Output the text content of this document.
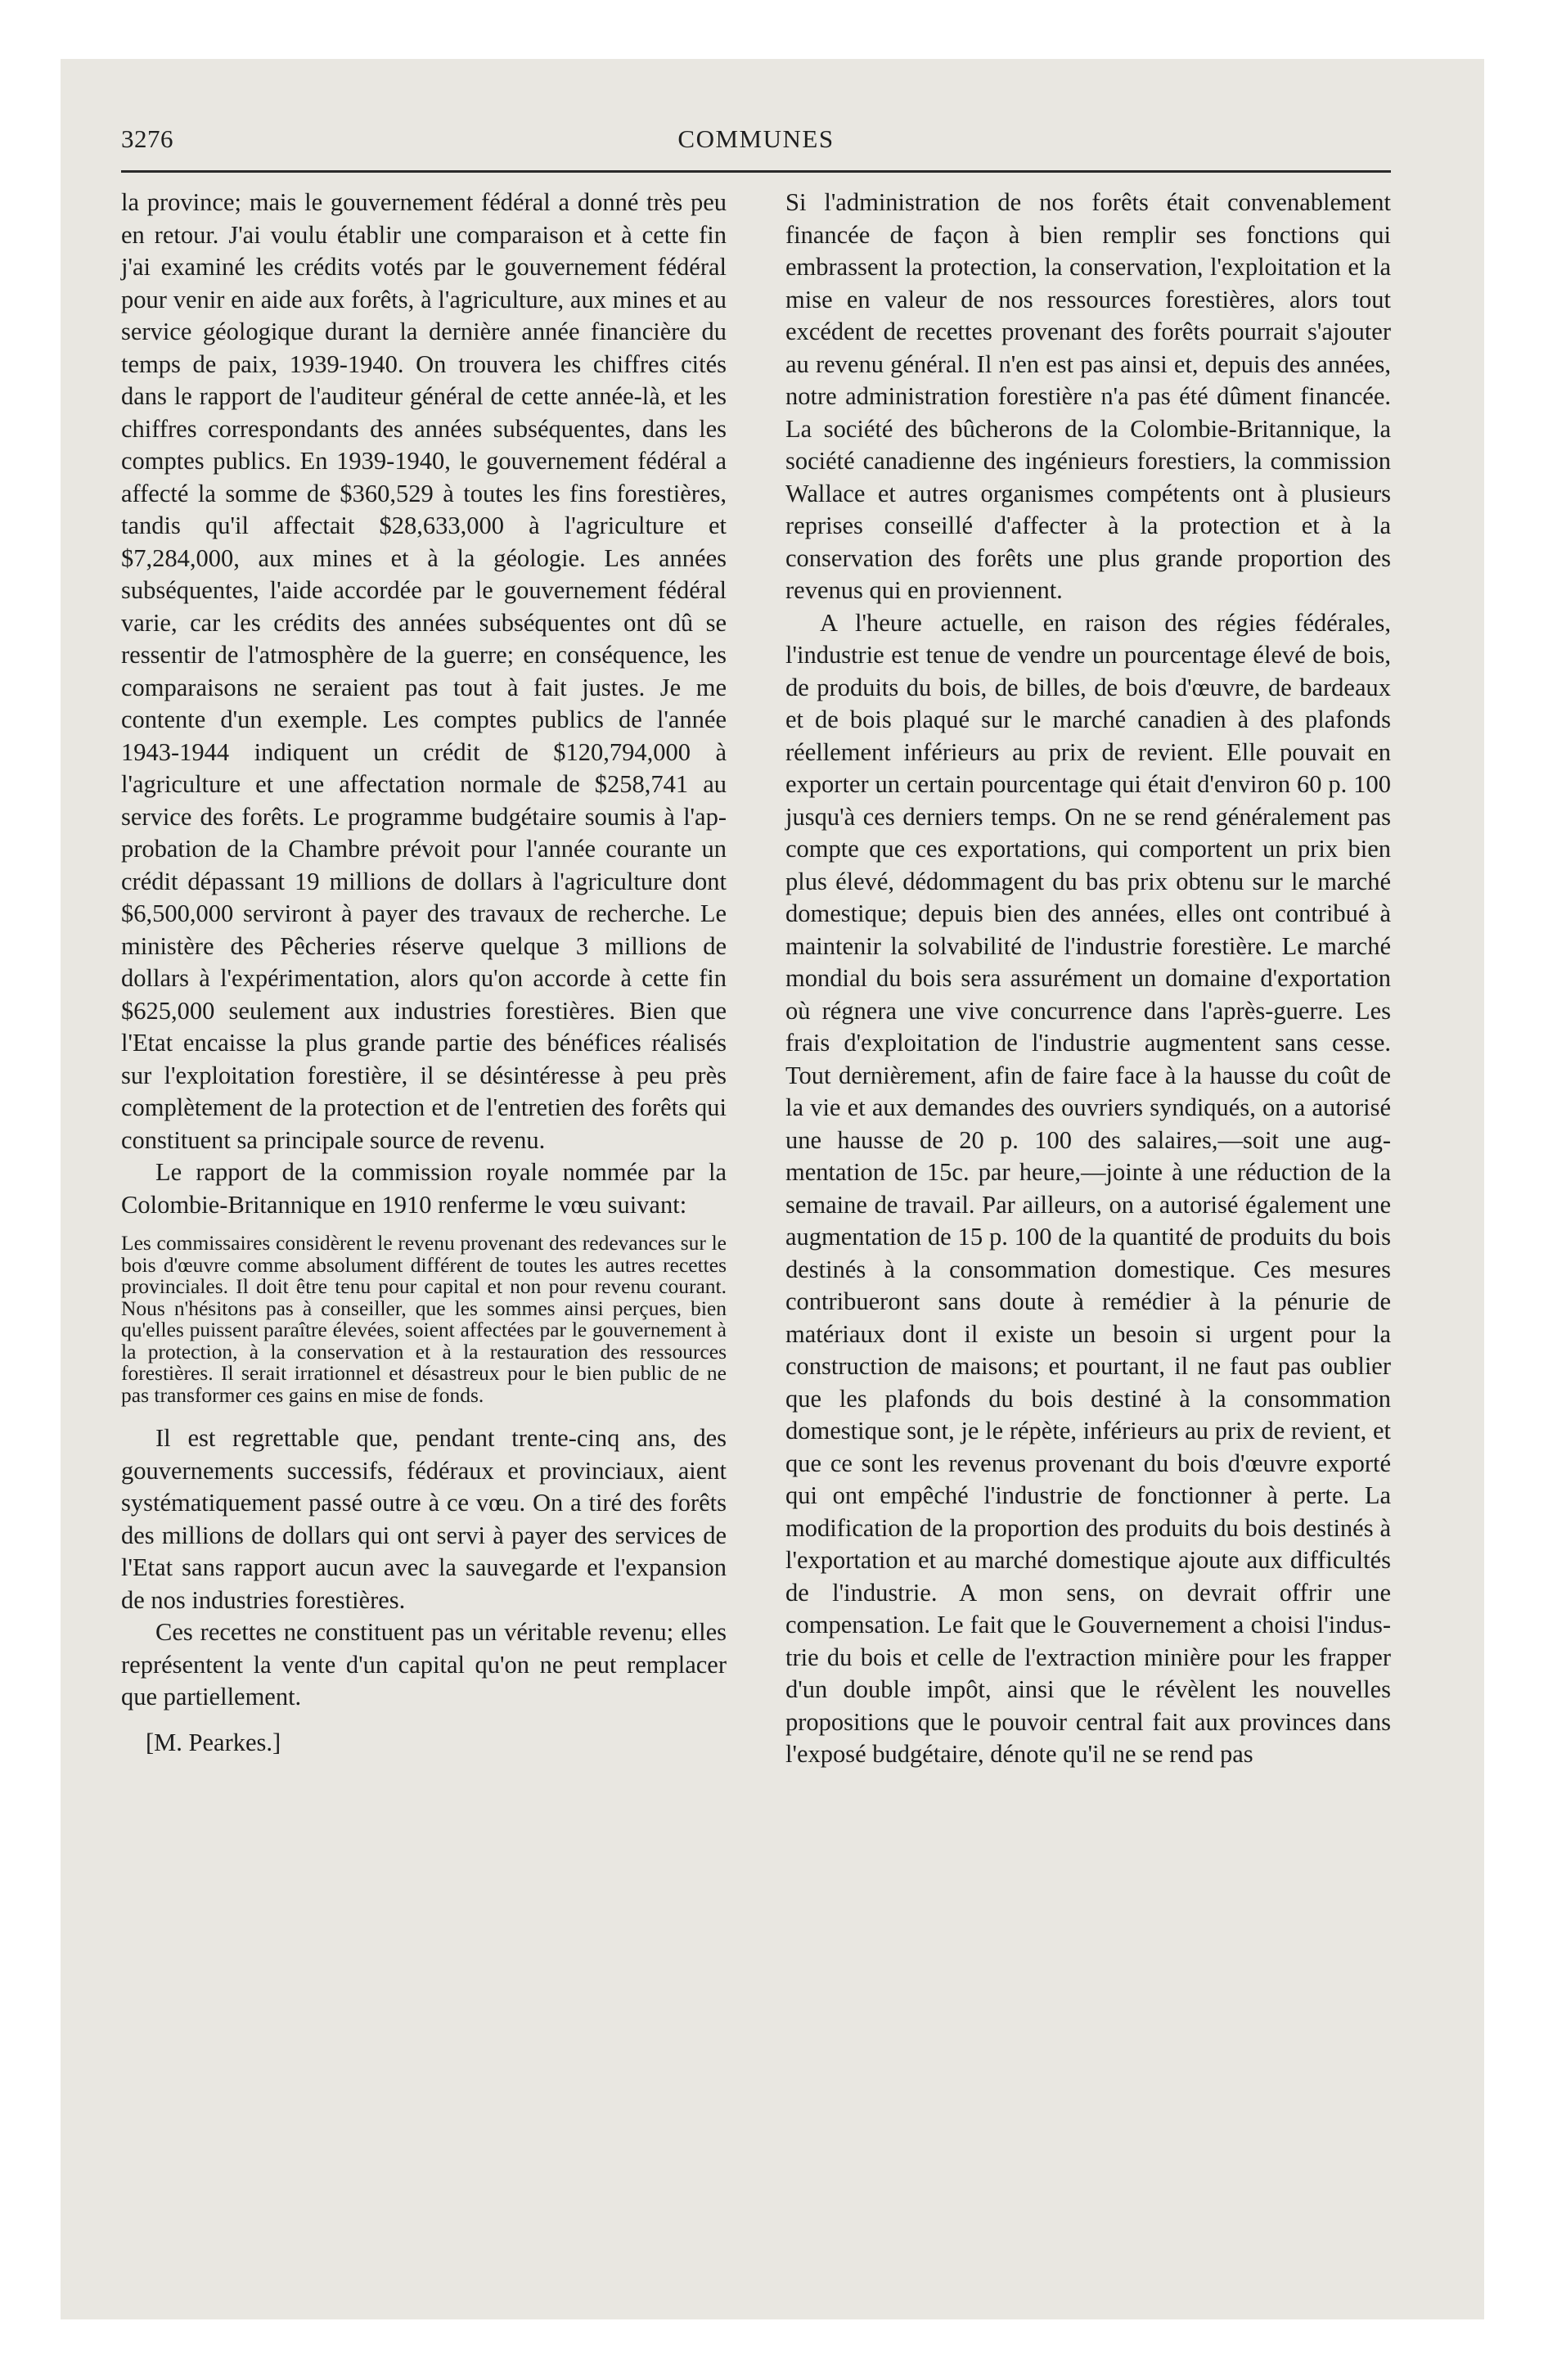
3276	COMMUNES

la province; mais le gouvernement fédéral a donné très peu en retour. J'ai voulu établir une comparaison et à cette fin j'ai examiné les crédits votés par le gouvernement fédéral pour venir en aide aux forêts, à l'agriculture, aux mines et au service géologique durant la dernière année financière du temps de paix, 1939-1940. On trouvera les chiffres cités dans le rapport de l'auditeur général de cette année-là, et les chiffres correspondants des années subséquentes, dans les comptes publics. En 1939-1940, le gouvernement fédéral a affecté la somme de $360,529 à toutes les fins forestières, tandis qu'il affectait $28,633,000 à l'agriculture et $7,284,000, aux mines et à la géologie. Les années subséquentes, l'aide accordée par le gouvernement fédéral varie, car les crédits des années subséquentes ont dû se ressentir de l'atmosphère de la guerre; en conséquence, les comparaisons ne seraient pas tout à fait justes. Je me contente d'un exemple. Les comptes publics de l'année 1943-1944 indiquent un crédit de $120,794,000 à l'agriculture et une affectation normale de $258,741 au service des forêts. Le programme budgétaire soumis à l'approbation de la Chambre prévoit pour l'année courante un crédit dépassant 19 millions de dollars à l'agriculture dont $6,500,000 serviront à payer des travaux de recherche. Le ministère des Pêcheries réserve quelque 3 millions de dollars à l'expérimentation, alors qu'on accorde à cette fin $625,000 seulement aux industries forestières. Bien que l'Etat encaisse la plus grande partie des bénéfices réalisés sur l'exploitation forestière, il se désintéresse à peu près complètement de la protection et de l'entretien des forêts qui constituent sa principale source de revenu.

Le rapport de la commission royale nommée par la Colombie-Britannique en 1910 renferme le vœu suivant:

Les commissaires considèrent le revenu provenant des redevances sur le bois d'œuvre comme absolument différent de toutes les autres recettes provinciales. Il doit être tenu pour capital et non pour revenu courant. Nous n'hésitons pas à conseiller, que les sommes ainsi perçues, bien qu'elles puissent paraître élevées, soient affectées par le gouvernement à la protection, à la conservation et à la restauration des ressources forestières. Il serait irrationnel et désastreux pour le bien public de ne pas transformer ces gains en mise de fonds.

Il est regrettable que, pendant trente-cinq ans, des gouvernements successifs, fédéraux et provinciaux, aient systématiquement passé outre à ce vœu. On a tiré des forêts des millions de dollars qui ont servi à payer des services de l'Etat sans rapport aucun avec la sauvegarde et l'expansion de nos industries forestières.

Ces recettes ne constituent pas un véritable revenu; elles représentent la vente d'un capital qu'on ne peut remplacer que partiellement.

[M. Pearkes.]

Si l'administration de nos forêts était convenablement financée de façon à bien remplir ses fonctions qui embrassent la protection, la conservation, l'exploitation et la mise en valeur de nos ressources forestières, alors tout excédent de recettes provenant des forêts pourrait s'ajouter au revenu général. Il n'en est pas ainsi et, depuis des années, notre administration forestière n'a pas été dûment financée. La société des bûcherons de la Colombie-Britannique, la société canadienne des ingénieurs forestiers, la commission Wallace et autres organismes compétents ont à plusieurs reprises conseillé d'affecter à la protection et à la conservation des forêts une plus grande proportion des revenus qui en proviennent.

A l'heure actuelle, en raison des régies fédérales, l'industrie est tenue de vendre un pourcentage élevé de bois, de produits du bois, de billes, de bois d'œuvre, de bardeaux et de bois plaqué sur le marché canadien à des plafonds réellement inférieurs au prix de revient. Elle pouvait en exporter un certain pourcentage qui était d'environ 60 p. 100 jusqu'à ces derniers temps. On ne se rend généralement pas compte que ces exportations, qui comportent un prix bien plus élevé, dédommagent du bas prix obtenu sur le marché domestique; depuis bien des années, elles ont contribué à maintenir la solvabilité de l'industrie forestière. Le marché mondial du bois sera assurément un domaine d'exportation où régnera une vive concurrence dans l'après-guerre. Les frais d'exploitation de l'industrie augmentent sans cesse. Tout dernièrement, afin de faire face à la hausse du coût de la vie et aux demandes des ouvriers syndiqués, on a autorisé une hausse de 20 p. 100 des salaires,—soit une augmentation de 15c. par heure,—jointe à une réduction de la semaine de travail. Par ailleurs, on a autorisé également une augmentation de 15 p. 100 de la quantité de produits du bois destinés à la consommation domestique. Ces mesures contribueront sans doute à remédier à la pénurie de matériaux dont il existe un besoin si urgent pour la construction de maisons; et pourtant, il ne faut pas oublier que les plafonds du bois destiné à la consommation domestique sont, je le répète, inférieurs au prix de revient, et que ce sont les revenus provenant du bois d'œuvre exporté qui ont empêché l'industrie de fonctionner à perte. La modification de la proportion des produits du bois destinés à l'exportation et au marché domestique ajoute aux difficultés de l'industrie. A mon sens, on devrait offrir une compensation. Le fait que le Gouvernement a choisi l'industrie du bois et celle de l'extraction minière pour les frapper d'un double impôt, ainsi que le révèlent les nouvelles propositions que le pouvoir central fait aux provinces dans l'exposé budgétaire, dénote qu'il ne se rend pas
